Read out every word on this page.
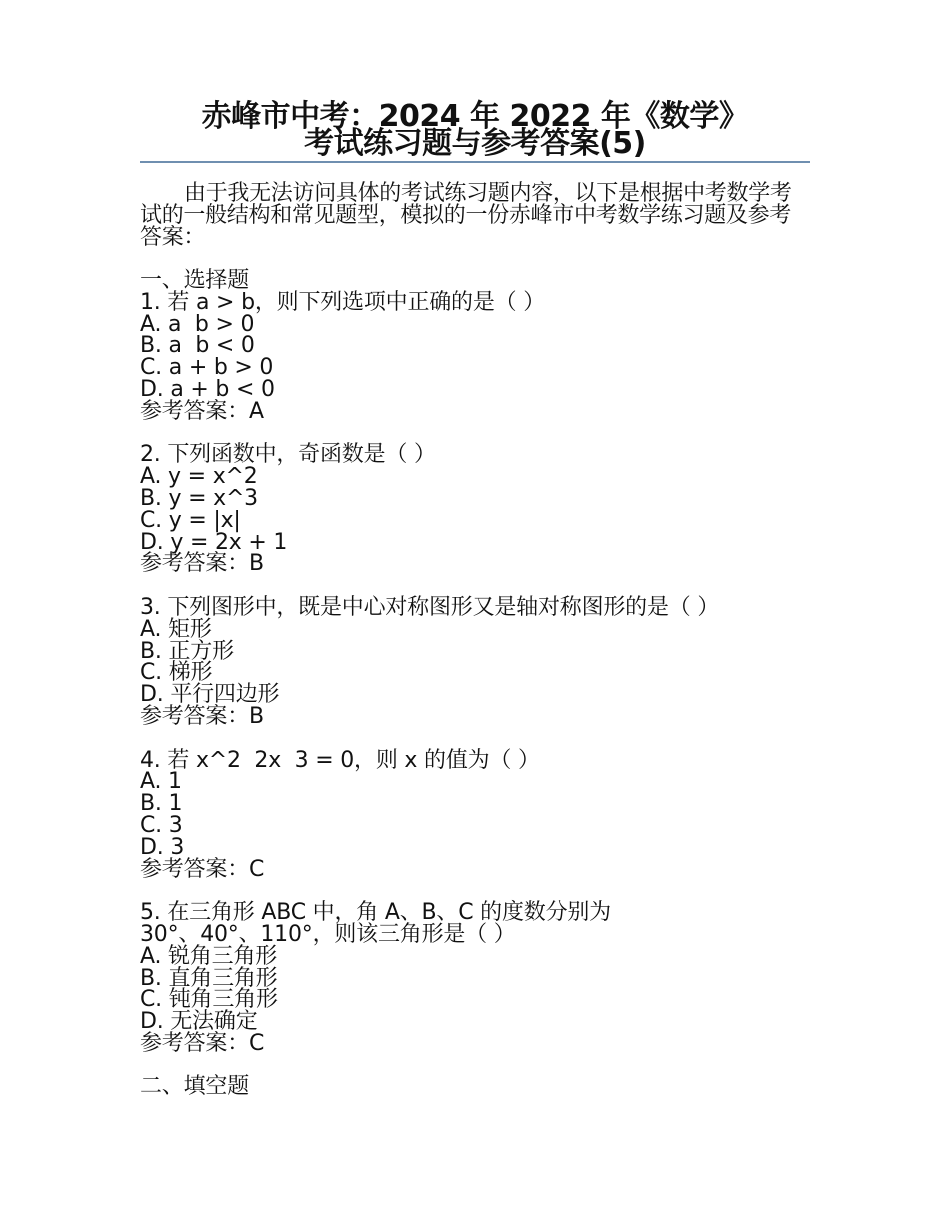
赤峰市中考：2024 年 2022 年《数学》
考试练习题与参考答案(5)
由于我无法访问具体的考试练习题内容，以下是根据中考数学考试的一般结构和常见题型，模拟的一份赤峰市中考数学练习题及参考答案：
一、选择题
1. 若 a > b，则下列选项中正确的是（ ）
A. a  b > 0
B. a  b < 0
C. a + b > 0
D. a + b < 0
参考答案：A
2. 下列函数中，奇函数是（ ）
A. y = x^2
B. y = x^3
C. y = |x|
D. y = 2x + 1
参考答案：B
3. 下列图形中，既是中心对称图形又是轴对称图形的是（ ）
A. 矩形
B. 正方形
C. 梯形
D. 平行四边形
参考答案：B
4. 若 x^2  2x  3 = 0，则 x 的值为（ ）
A. 1
B. 1
C. 3
D. 3
参考答案：C
5. 在三角形 ABC 中，角 A、B、C 的度数分别为
30°、40°、110°，则该三角形是（ ）
A. 锐角三角形
B. 直角三角形
C. 钝角三角形
D. 无法确定
参考答案：C
二、填空题
